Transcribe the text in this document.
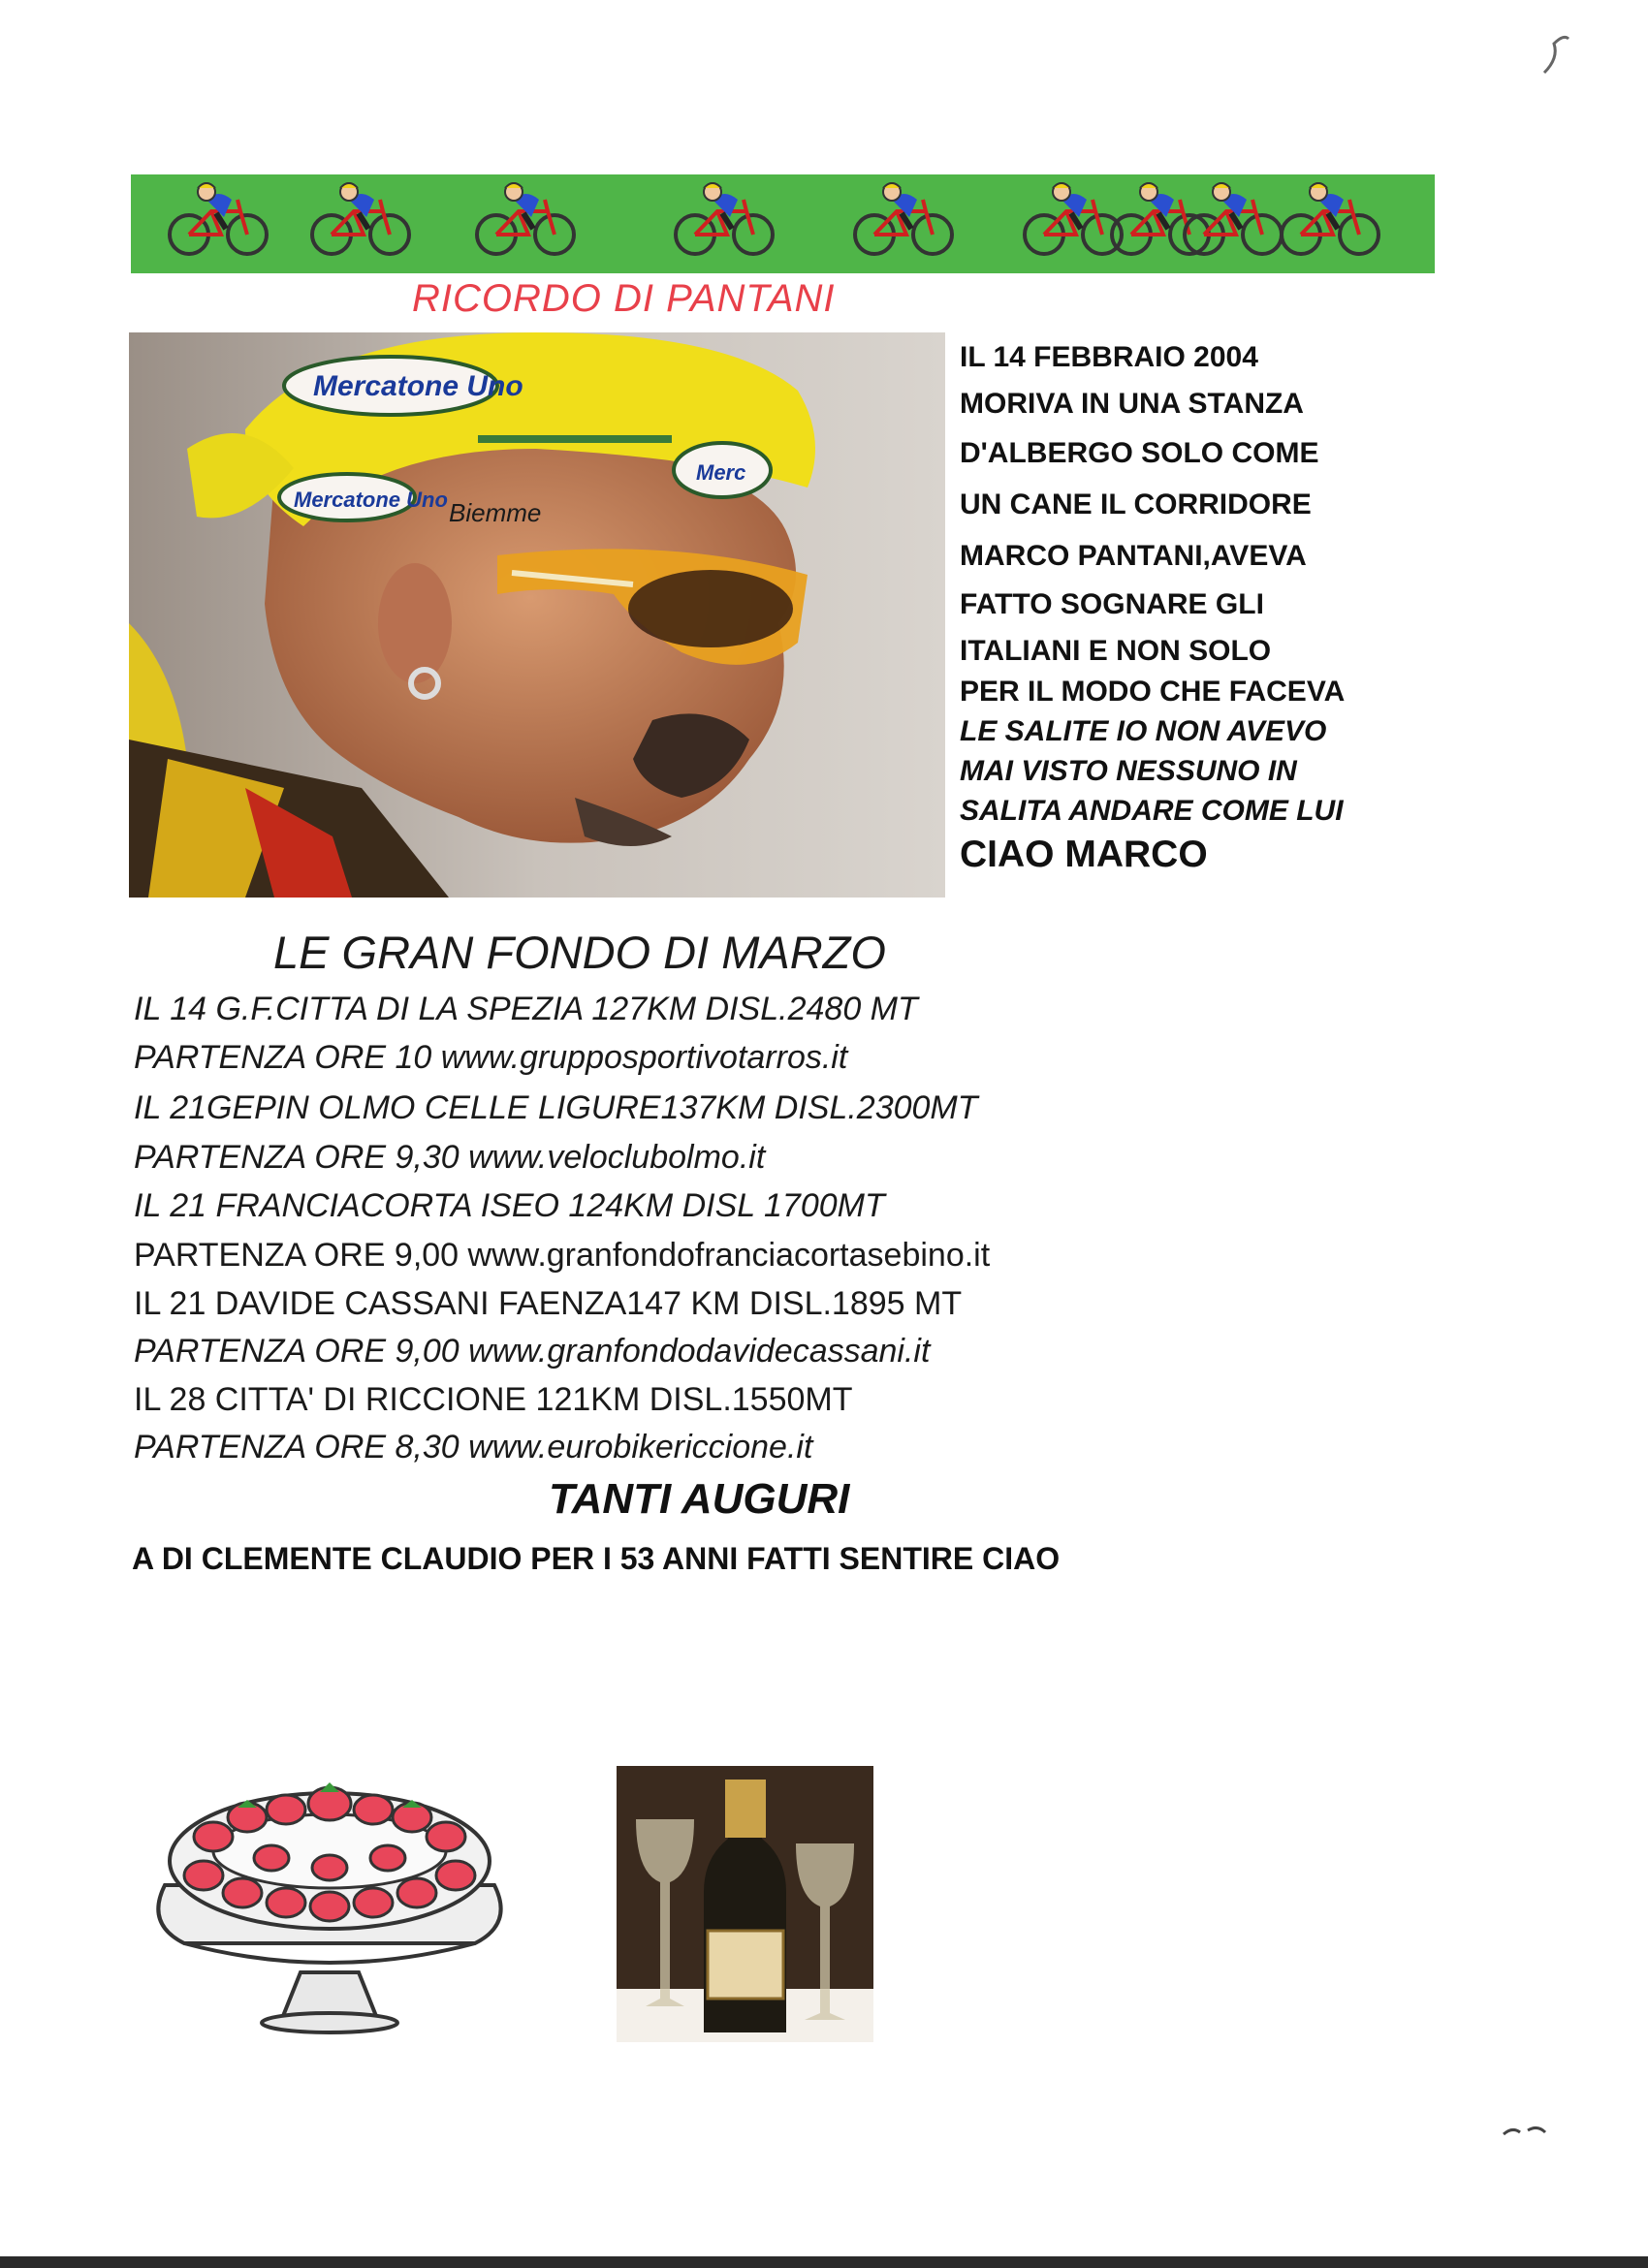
RICORDO DI PANTANI
Mercatone Uno
Mercatone Uno Biemme
Merc
IL 14 FEBBRAIO 2004
MORIVA IN UNA STANZA
D'ALBERGO SOLO COME
UN CANE IL CORRIDORE
MARCO PANTANI,AVEVA
FATTO SOGNARE GLI
ITALIANI E NON SOLO
PER IL MODO CHE FACEVA
LE SALITE IO NON AVEVO
MAI VISTO NESSUNO IN
SALITA ANDARE COME LUI
CIAO MARCO
LE GRAN FONDO DI MARZO
IL 14 G.F.CITTA DI LA SPEZIA 127KM DISL.2480 MT
PARTENZA ORE 10 www.grupposportivotarros.it
IL 21GEPIN OLMO CELLE LIGURE137KM DISL.2300MT
PARTENZA ORE 9,30 www.veloclubolmo.it
IL 21 FRANCIACORTA ISEO 124KM DISL 1700MT
PARTENZA ORE 9,00 www.granfondofranciacortasebino.it
IL 21 DAVIDE CASSANI FAENZA147 KM DISL.1895 MT
PARTENZA ORE 9,00 www.granfondodavidecassani.it
IL 28 CITTA' DI RICCIONE 121KM DISL.1550MT
PARTENZA ORE 8,30 www.eurobikericcione.it
TANTI AUGURI
A DI CLEMENTE CLAUDIO PER I 53 ANNI FATTI SENTIRE CIAO
